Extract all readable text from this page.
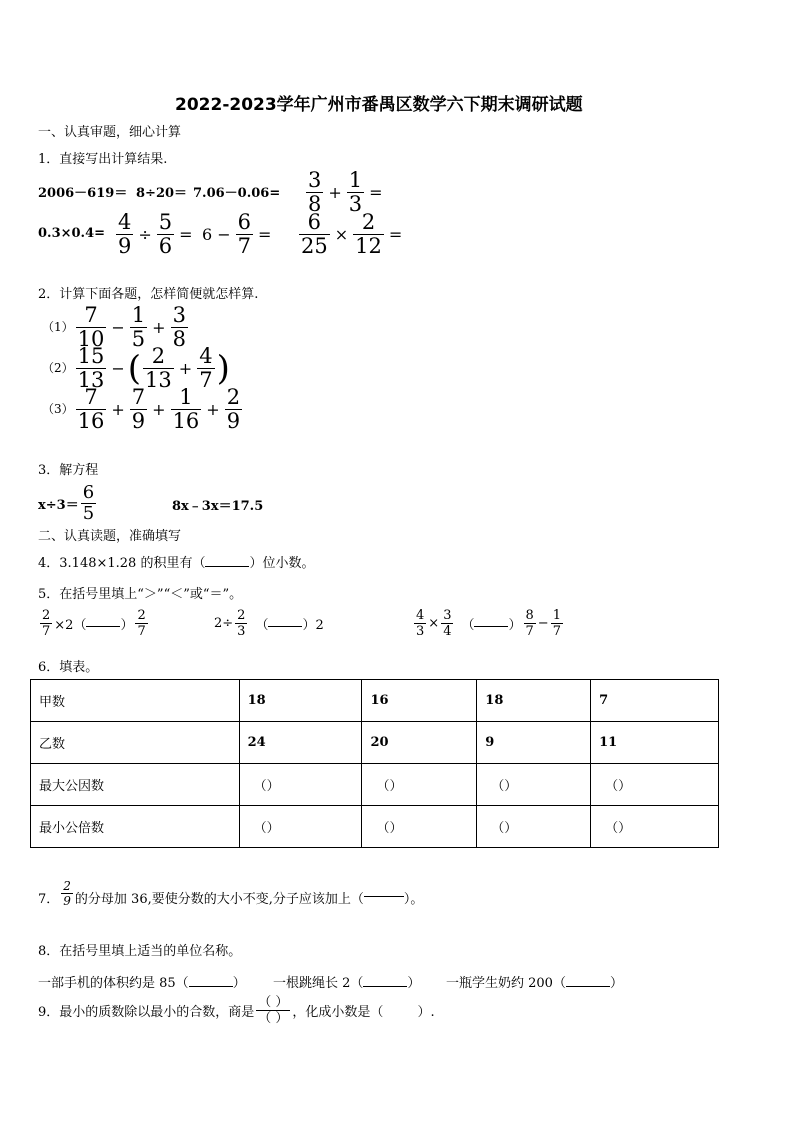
2022-2023学年广州市番禺区数学六下期末调研试题
一、认真审题，细心计算
1．直接写出计算结果.
$2006-619= 8\div 20= 7.06-0.06= \frac{3}{8} + \frac{1}{3}$ =
$0.3\times 0.4= \frac{4}{9} \div \frac{5}{6} = 6 - \frac{6}{7} = \frac{6}{25} \times \frac{2}{12}$ =
2．计算下面各题，怎样简便就怎样算.
$(1) \frac{7}{10} - \frac{1}{5} + \frac{3}{8}$
$(2) \frac{15}{13}$ −( $\frac{2}{13} + \frac{4}{7}$ )
$(3) \frac{7}{16} + \frac{7}{9} + \frac{1}{16} + \frac{2}{9}$
3．解方程
$x\div 3= \frac{6}{5}$	8x﹣3x＝17.5
二、认真读题，准确填写
4．3.148×1.28 的积里有（	）位小数。
5．在括号里填上“＞”“＜”或“＝”。
$\frac{2}{7} \times 2$（	） $\frac{2}{7}$	$2\div \frac{2}{3}$ （	）2	$\frac{4}{3} \times \frac{3}{4}$ （	） $\frac{8}{7} - \frac{1}{7}$
6．填表。
甲数	18	16	18	7
乙数	24	20	9	11
最大公因数	（）	（）	（）	（）
最小公倍数	（）	（）	（）	（）
7． $\frac{2}{9}$ 的分母加 36,要使分数的大小不变,分子应该加上（	）。
8．在括号里填上适当的单位名称。
一部手机的体积约是 85（	） 一根跳绳长 2（	） 一瓶学生奶约 200（	）
9．最小的质数除以最小的合数，商是 $\frac{( )}{( )}$ ，化成小数是（	）.
